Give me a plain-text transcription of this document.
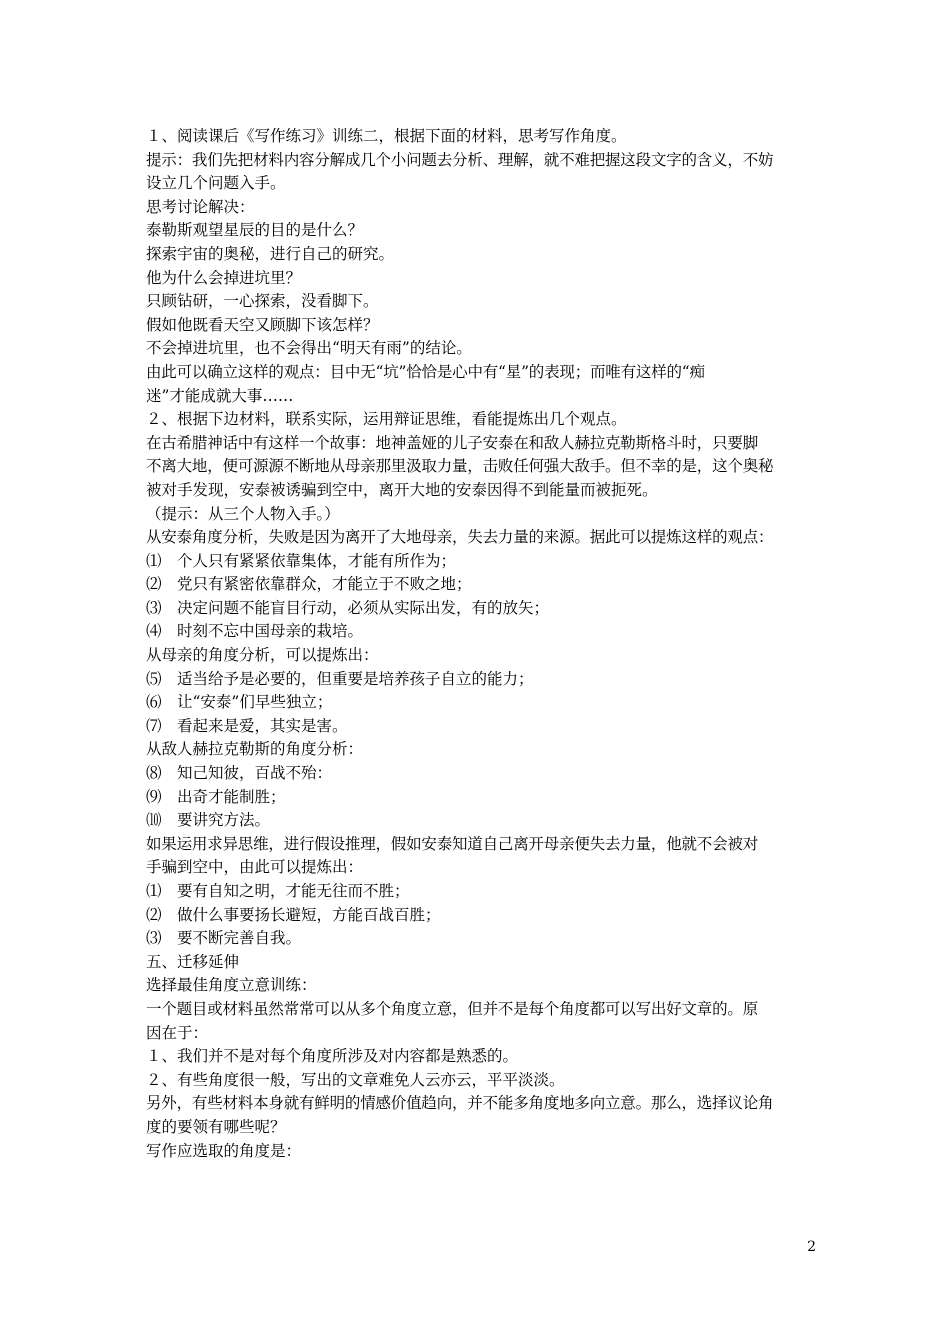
１、阅读课后《写作练习》训练二，根据下面的材料，思考写作角度。
提示：我们先把材料内容分解成几个小问题去分析、理解，就不难把握这段文字的含义，不妨
设立几个问题入手。
思考讨论解决：
泰勒斯观望星辰的目的是什么？
探索宇宙的奥秘，进行自己的研究。
他为什么会掉进坑里？
只顾钻研，一心探索，没看脚下。
假如他既看天空又顾脚下该怎样？
不会掉进坑里，也不会得出“明天有雨”的结论。
由此可以确立这样的观点：目中无“坑”恰恰是心中有“星”的表现；而唯有这样的“痴
迷”才能成就大事……
２、根据下边材料，联系实际，运用辩证思维，看能提炼出几个观点。
在古希腊神话中有这样一个故事：地神盖娅的儿子安泰在和敌人赫拉克勒斯格斗时，只要脚
不离大地，便可源源不断地从母亲那里汲取力量，击败任何强大敌手。但不幸的是，这个奥秘
被对手发现，安泰被诱骗到空中，离开大地的安泰因得不到能量而被扼死。
（提示：从三个人物入手。）
从安泰角度分析，失败是因为离开了大地母亲，失去力量的来源。据此可以提炼这样的观点：
⑴　个人只有紧紧依靠集体，才能有所作为；
⑵　党只有紧密依靠群众，才能立于不败之地；
⑶　决定问题不能盲目行动，必须从实际出发，有的放矢；
⑷　时刻不忘中国母亲的栽培。
从母亲的角度分析，可以提炼出：
⑸　适当给予是必要的，但重要是培养孩子自立的能力；
⑹　让“安泰”们早些独立；
⑺　看起来是爱，其实是害。
从敌人赫拉克勒斯的角度分析：
⑻　知己知彼，百战不殆：
⑼　出奇才能制胜；
⑽　要讲究方法。
如果运用求异思维，进行假设推理，假如安泰知道自己离开母亲便失去力量，他就不会被对
手骗到空中，由此可以提炼出：
⑴　要有自知之明，才能无往而不胜；
⑵　做什么事要扬长避短，方能百战百胜；
⑶　要不断完善自我。
五、迁移延伸
选择最佳角度立意训练：
一个题目或材料虽然常常可以从多个角度立意，但并不是每个角度都可以写出好文章的。原
因在于：
１、我们并不是对每个角度所涉及对内容都是熟悉的。
２、有些角度很一般，写出的文章难免人云亦云，平平淡淡。
另外，有些材料本身就有鲜明的情感价值趋向，并不能多角度地多向立意。那么，选择议论角
度的要领有哪些呢？
写作应选取的角度是：
2
